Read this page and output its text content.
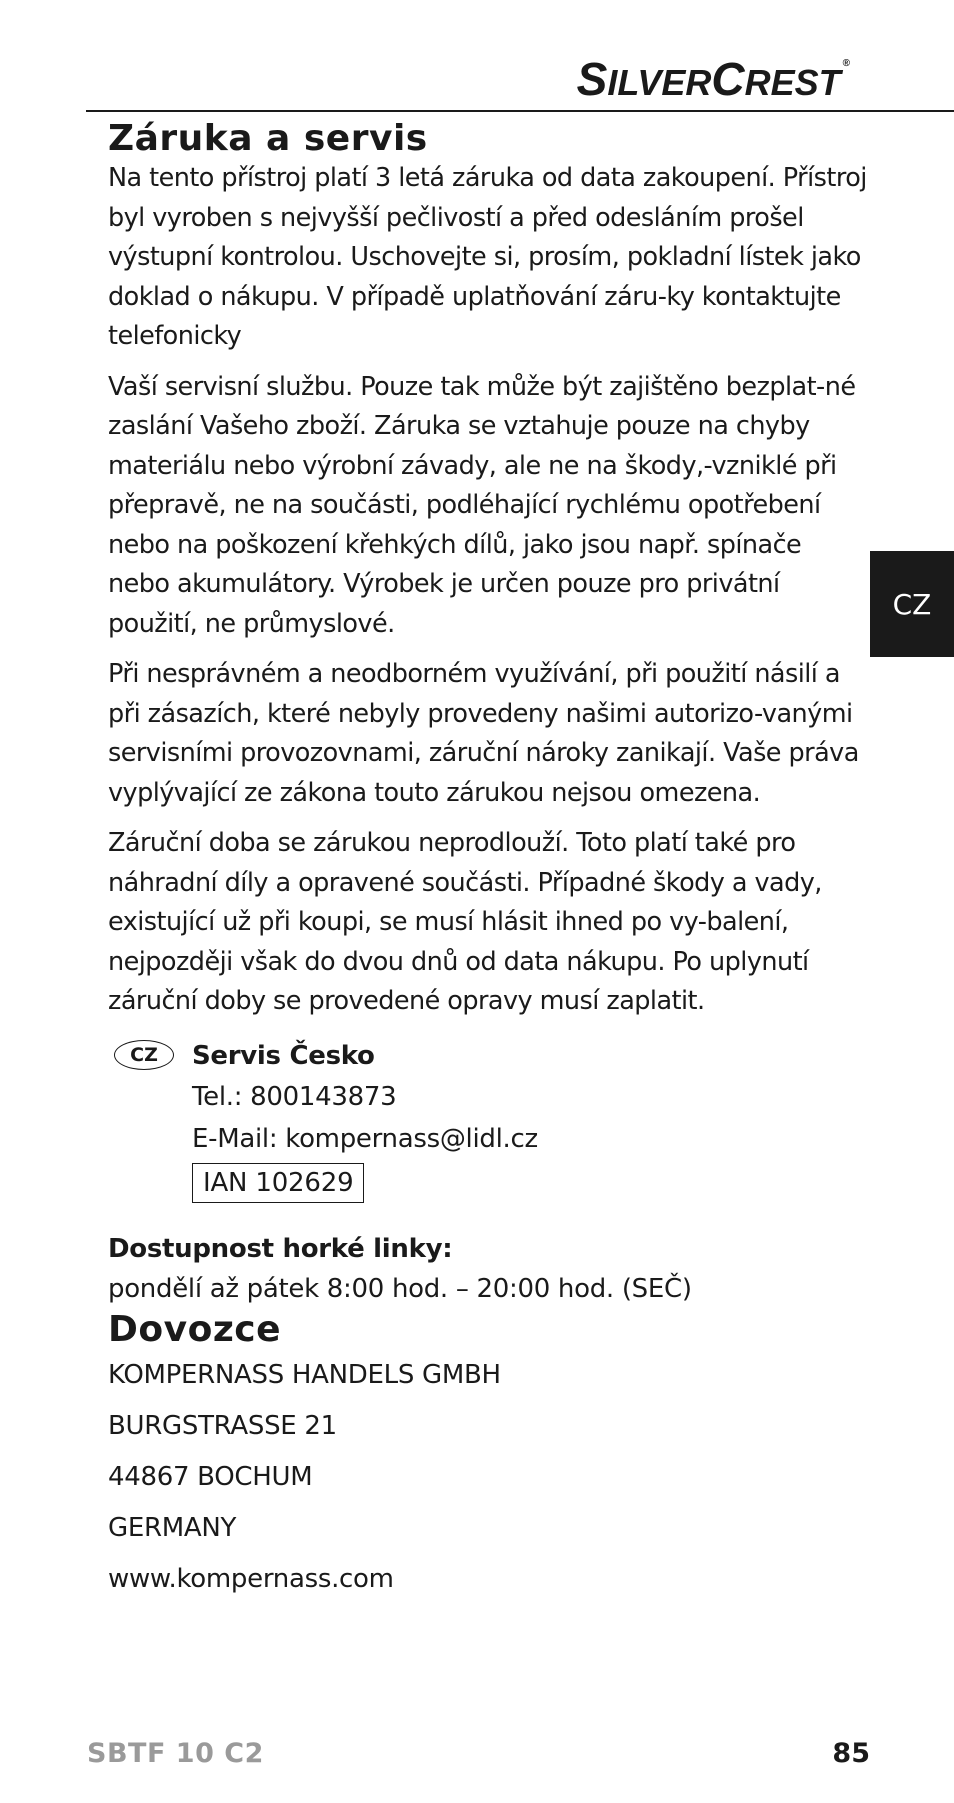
SILVERCREST ®
CZ
Záruka a servis

Na tento přístroj platí 3 letá záruka od data zakoupení. Přístroj byl vyroben s nejvyšší pečlivostí a před odesláním prošel výstupní kontrolou. Uschovejte si, prosím, pokladní lístek jako doklad o nákupu. V případě uplatňování záru-ky kontaktujte telefonicky

Vaší servisní službu. Pouze tak může být zajištěno bezplat-né zaslání Vašeho zboží. Záruka se vztahuje pouze na chyby materiálu nebo výrobní závady, ale ne na škody,-vzniklé při přepravě, ne na součásti, podléhající rychlému opotřebení nebo na poškození křehkých dílů, jako jsou např. spínače nebo akumulátory. Výrobek je určen pouze pro privátní použití, ne průmyslové.

Při nesprávném a neodborném využívání, při použití násilí a při zásazích, které nebyly provedeny našimi autorizo-vanými servisními provozovnami, záruční nároky zanikají. Vaše práva vyplývající ze zákona touto zárukou nejsou omezena.

Záruční doba se zárukou neprodlouží. Toto platí také pro náhradní díly a opravené součásti. Případné škody a vady, existující už při koupi, se musí hlásit ihned po vy-balení, nejpozději však do dvou dnů od data nákupu. Po uplynutí záruční doby se provedené opravy musí zaplatit.

CZ	Servis Česko
Tel.: 800143873
E-Mail: kompernass@lidl.cz
IAN 102629
Dostupnost horké linky:
pondělí až pátek 8:00 hod. – 20:00 hod. (SEČ)
Dovozce
KOMPERNASS HANDELS GMBH
BURGSTRASSE 21
44867 BOCHUM
GERMANY
www.kompernass.com
SBTF 10 C2	85
